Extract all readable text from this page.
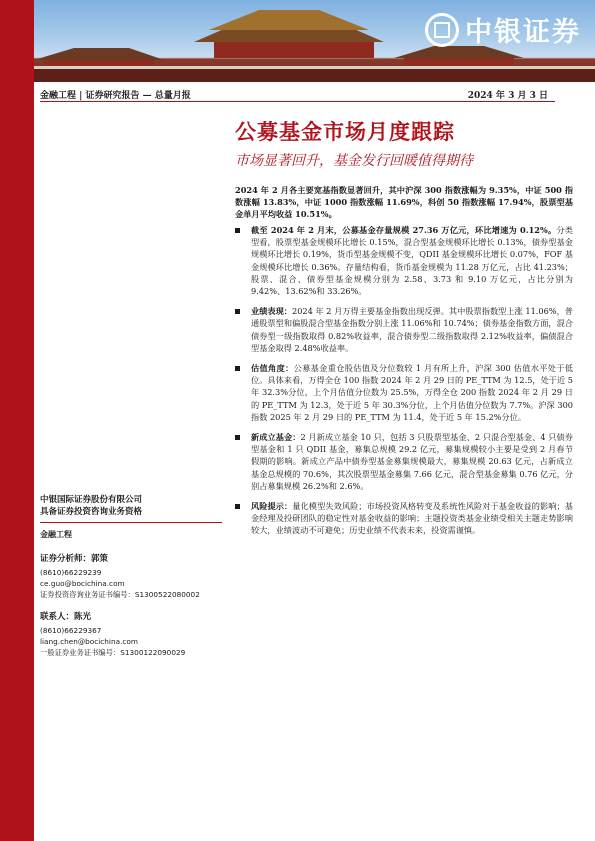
中银证券
金融工程 | 证券研究报告 — 总量月报	2024 年 3 月 3 日
公募基金市场月度跟踪
市场显著回升，基金发行回暖值得期待
2024 年 2 月各主要宽基指数显著回升，其中沪深 300 指数涨幅为 9.35%，中证 500 指数涨幅 13.83%，中证 1000 指数涨幅 11.69%，科创 50 指数涨幅 17.94%，股票型基金单月平均收益 10.51%。
截至 2024 年 2 月末，公募基金存量规模 27.36 万亿元，环比增速为 0.12%。分类型看，股票型基金规模环比增长 0.15%，混合型基金规模环比增长 0.13%，债券型基金规模环比增长 0.19%，货币型基金规模不变，QDII 基金规模环比增长 0.07%，FOF 基金规模环比增长 0.36%。存量结构看，货币基金规模为 11.28 万亿元，占比 41.23%；股票、混合、债券型基金规模分别为 2.58、3.73 和 9.10 万亿元，占比分别为 9.42%、13.62%和 33.26%。
业绩表现：2024 年 2 月万得主要基金指数出现反弹。其中股票指数型上涨 11.06%，普通股票型和偏股混合型基金指数分别上涨 11.06%和 10.74%；债券基金指数方面，混合债券型一级指数取得 0.82%收益率，混合债券型二级指数取得 2.12%收益率，偏债混合型基金取得 2.48%收益率。
估值角度：公募基金重仓股估值及分位数较 1 月有所上升，沪深 300 估值水平处于低位。具体来看，万得全仓 100 指数 2024 年 2 月 29 日的 PE_TTM 为 12.5，处于近 5 年 32.3%分位，上个月估值分位数为 25.5%，万得全仓 200 指数 2024 年 2 月 29 日的 PE_TTM 为 12.3，处于近 5 年 30.3%分位，上个月估值分位数为 7.7%。沪深 300 指数 2025 年 2 月 29 日的 PE_TTM 为 11.4，处于近 5 年 15.2%分位。
新成立基金：2 月新成立基金 10 只，包括 3 只股票型基金、2 只混合型基金、4 只债券型基金和 1 只 QDII 基金，募集总规模 29.2 亿元，募集规模较小主要是受到 2 月春节假期的影响。新成立产品中债券型基金募集规模最大，募集规模 20.63 亿元，占新成立基金总规模的 70.6%，其次股票型基金募集 7.66 亿元，混合型基金募集 0.76 亿元，分别占募集规模 26.2%和 2.6%。
风险提示：量化模型失效风险；市场投资风格转变及系统性风险对于基金收益的影响；基金经理及投研团队的稳定性对基金收益的影响；主题投资类基金业绩受相关主题走势影响较大，业绩波动不可避免；历史业绩不代表未来，投资需谨慎。
中银国际证券股份有限公司
具备证券投资咨询业务资格
金融工程
证券分析师：郭策
(8610)66229239
ce.guo@bocichina.com
证券投资咨询业务证书编号：S1300522080002
联系人：陈光
(8610)66229367
liang.chen@bocichina.com
一般证券业务证书编号：S1300122090029
